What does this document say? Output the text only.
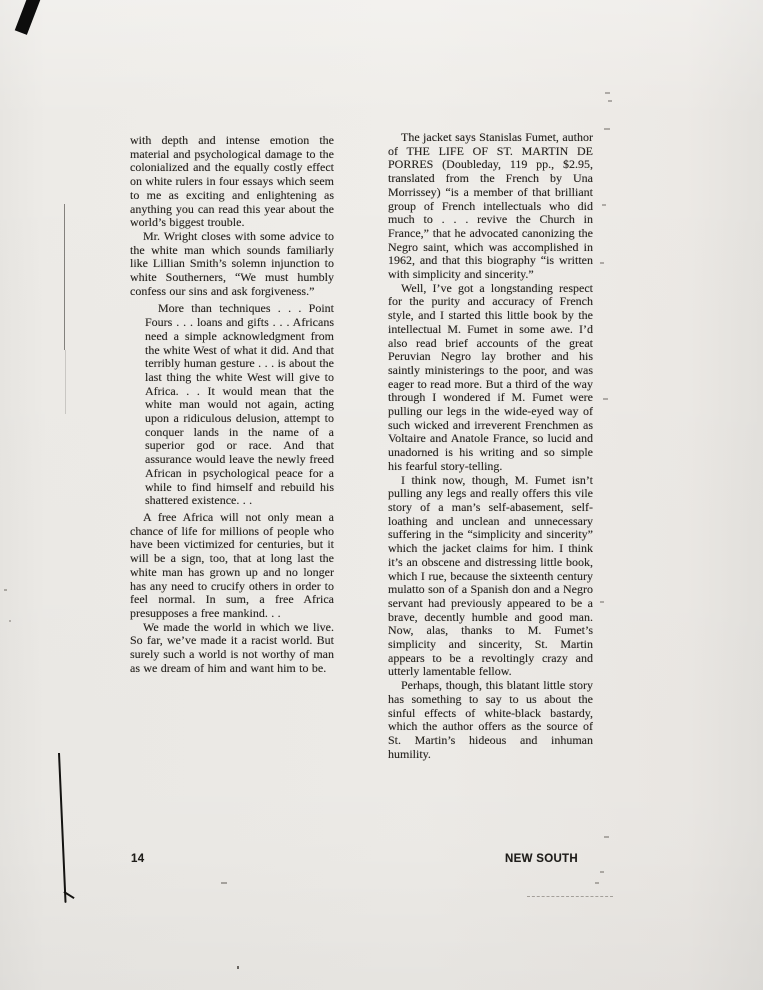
with depth and intense emotion the material and psychological damage to the colonialized and the equally costly effect on white rulers in four essays which seem to me as exciting and enlightening as anything you can read this year about the world’s biggest trouble.

Mr. Wright closes with some advice to the white man which sounds familiarly like Lillian Smith’s solemn injunction to white Southerners, “We must humbly confess our sins and ask forgiveness.”

More than techniques . . . Point Fours . . . loans and gifts . . . Africans need a simple acknowledgment from the white West of what it did. And that terribly human gesture . . . is about the last thing the white West will give to Africa. . . It would mean that the white man would not again, acting upon a ridiculous delusion, attempt to conquer lands in the name of a superior god or race. And that assurance would leave the newly freed African in psychological peace for a while to find himself and rebuild his shattered existence. . .

A free Africa will not only mean a chance of life for millions of people who have been victimized for centuries, but it will be a sign, too, that at long last the white man has grown up and no longer has any need to crucify others in order to feel normal. In sum, a free Africa presupposes a free mankind. . .

We made the world in which we live. So far, we’ve made it a racist world. But surely such a world is not worthy of man as we dream of him and want him to be.

The jacket says Stanislas Fumet, author of THE LIFE OF ST. MARTIN DE PORRES (Doubleday, 119 pp., $2.95, translated from the French by Una Morrissey) “is a member of that brilliant group of French intellectuals who did much to . . . revive the Church in France,” that he advocated canonizing the Negro saint, which was accomplished in 1962, and that this biography “is written with simplicity and sincerity.”

Well, I’ve got a longstanding respect for the purity and accuracy of French style, and I started this little book by the intellectual M. Fumet in some awe. I’d also read brief accounts of the great Peruvian Negro lay brother and his saintly ministerings to the poor, and was eager to read more. But a third of the way through I wondered if M. Fumet were pulling our legs in the wide-eyed way of such wicked and irreverent Frenchmen as Voltaire and Anatole France, so lucid and unadorned is his writing and so simple his fearful story-telling.

I think now, though, M. Fumet isn’t pulling any legs and really offers this vile story of a man’s self-abasement, self-loathing and unclean and unnecessary suffering in the “simplicity and sincerity” which the jacket claims for him. I think it’s an obscene and distressing little book, which I rue, because the sixteenth century mulatto son of a Spanish don and a Negro servant had previously appeared to be a brave, decently humble and good man. Now, alas, thanks to M. Fumet’s simplicity and sincerity, St. Martin appears to be a revoltingly crazy and utterly lamentable fellow.

Perhaps, though, this blatant little story has something to say to us about the sinful effects of white-black bastardy, which the author offers as the source of St. Martin’s hideous and inhuman humility.

14	NEW SOUTH
